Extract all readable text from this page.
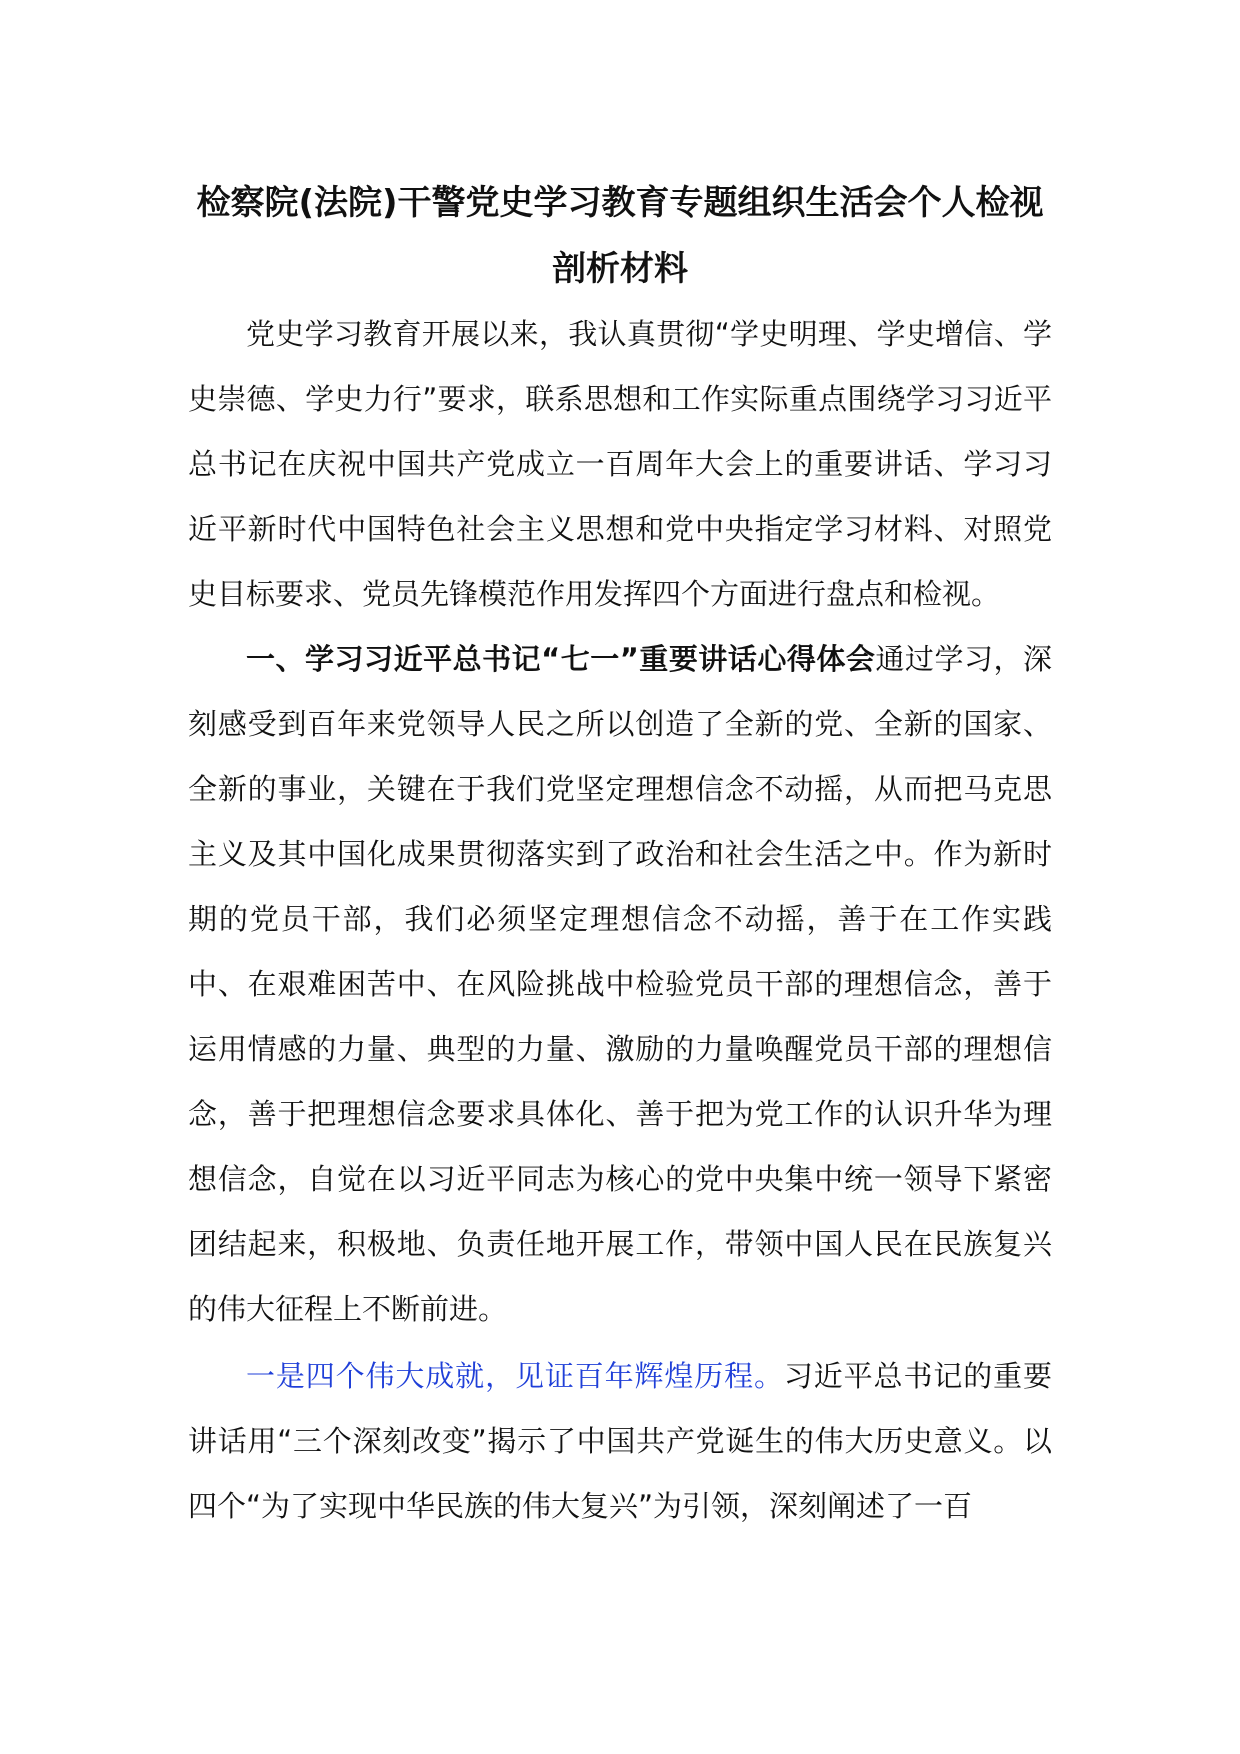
检察院(法院)干警党史学习教育专题组织生活会个人检视剖析材料

党史学习教育开展以来，我认真贯彻“学史明理、学史增信、学史崇德、学史力行”要求，联系思想和工作实际重点围绕学习习近平总书记在庆祝中国共产党成立一百周年大会上的重要讲话、学习习近平新时代中国特色社会主义思想和党中央指定学习材料、对照党史目标要求、党员先锋模范作用发挥四个方面进行盘点和检视。

一、学习习近平总书记“七一”重要讲话心得体会通过学习，深刻感受到百年来党领导人民之所以创造了全新的党、全新的国家、全新的事业，关键在于我们党坚定理想信念不动摇，从而把马克思主义及其中国化成果贯彻落实到了政治和社会生活之中。作为新时期的党员干部，我们必须坚定理想信念不动摇，善于在工作实践中、在艰难困苦中、在风险挑战中检验党员干部的理想信念，善于运用情感的力量、典型的力量、激励的力量唤醒党员干部的理想信念，善于把理想信念要求具体化、善于把为党工作的认识升华为理想信念，自觉在以习近平同志为核心的党中央集中统一领导下紧密团结起来，积极地、负责任地开展工作，带领中国人民在民族复兴的伟大征程上不断前进。

一是四个伟大成就，见证百年辉煌历程。习近平总书记的重要讲话用“三个深刻改变”揭示了中国共产党诞生的伟大历史意义。以四个“为了实现中华民族的伟大复兴”为引领，深刻阐述了一百
